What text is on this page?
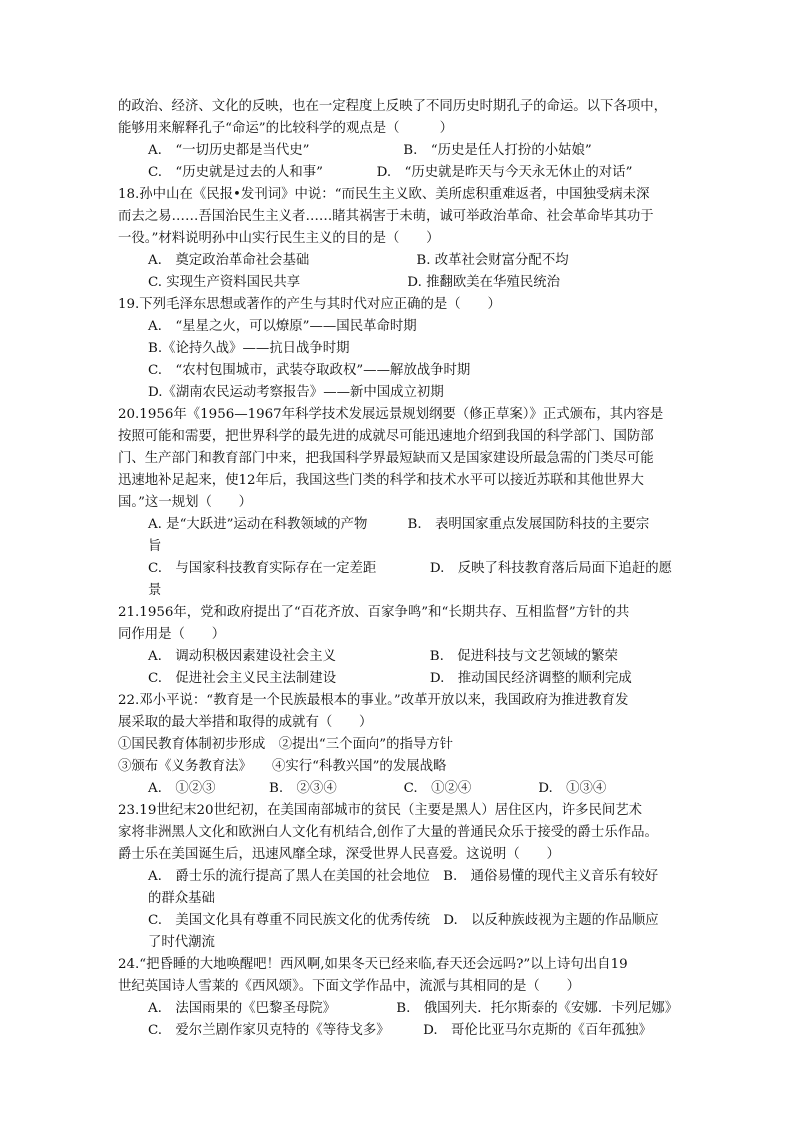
的政治、经济、文化的反映，也在一定程度上反映了不同历史时期孔子的命运。以下各项中，
能够用来解释孔子“命运”的比较科学的观点是（　　　）
A.　“一切历史都是当代史”　　　　　　　B.　“历史是任人打扮的小姑娘”
C.　“历史就是过去的人和事”　　　　D.　“历史就是昨天与今天永无休止的对话”
18.孙中山在《民报•发刊词》中说：“而民生主义欧、美所虑积重难返者，中国独受病未深
而去之易……吾国治民生主义者……睹其祸害于未萌，诚可举政治革命、社会革命毕其功于
一役。”材料说明孙中山实行民生主义的目的是（　　）
A.　奠定政治革命社会基础　　　　　　　　B. 改革社会财富分配不均
C. 实现生产资料国民共享　　　　　　　　D. 推翻欧美在华殖民统治
19.下列毛泽东思想或著作的产生与其时代对应正确的是（　　）
A.　“星星之火，可以燎原”——国民革命时期
B.《论持久战》——抗日战争时期
C.　“农村包围城市，武装夺取政权”——解放战争时期
D.《湖南农民运动考察报告》——新中国成立初期
20.1956年《1956—1967年科学技术发展远景规划纲要（修正草案）》正式颁布，其内容是
按照可能和需要，把世界科学的最先进的成就尽可能迅速地介绍到我国的科学部门、国防部
门、生产部门和教育部门中来，把我国科学界最短缺而又是国家建设所最急需的门类尽可能
迅速地补足起来，使12年后，我国这些门类的科学和技术水平可以接近苏联和其他世界大
国。”这一规划（　　）
A. 是“大跃进”运动在科教领域的产物　　　B.　表明国家重点发展国防科技的主要宗
旨
C.　与国家科技教育实际存在一定差距　　　　D.　反映了科技教育落后局面下追赶的愿
景
21.1956年，党和政府提出了“百花齐放、百家争鸣”和“长期共存、互相监督”方针的共
同作用是（　　）
A.　调动积极因素建设社会主义　　　　　　　B.　促进科技与文艺领域的繁荣
C.　促进社会主义民主法制建设　　　　　　　D.　推动国民经济调整的顺利完成
22.邓小平说：“教育是一个民族最根本的事业。”改革开放以来，我国政府为推进教育发
展采取的最大举措和取得的成就有（　　）
①国民教育体制初步形成　②提出“三个面向”的指导方针
③颁布《义务教育法》　　④实行“科教兴国”的发展战略
A.　①②③　　　　B.　②③④　　　　　C.　①②④　　　　　D.　①③④
23.19世纪末20世纪初，在美国南部城市的贫民（主要是黑人）居住区内，许多民间艺术
家将非洲黑人文化和欧洲白人文化有机结合,创作了大量的普通民众乐于接受的爵士乐作品。
爵士乐在美国诞生后，迅速风靡全球，深受世界人民喜爱。这说明（　　）
A.　爵士乐的流行提高了黑人在美国的社会地位　B.　通俗易懂的现代主义音乐有较好
的群众基础
C.　美国文化具有尊重不同民族文化的优秀传统　D.　以反种族歧视为主题的作品顺应
了时代潮流
24.“把昏睡的大地唤醒吧！西风啊,如果冬天已经来临,春天还会远吗?”以上诗句出自19
世纪英国诗人雪莱的《西风颂》。下面文学作品中，流派与其相同的是（　　）
A.　法国雨果的《巴黎圣母院》　　　　　B.　俄国列夫．托尔斯泰的《安娜．卡列尼娜》
C.　爱尔兰剧作家贝克特的《等待戈多》　　　D.　哥伦比亚马尔克斯的《百年孤独》
